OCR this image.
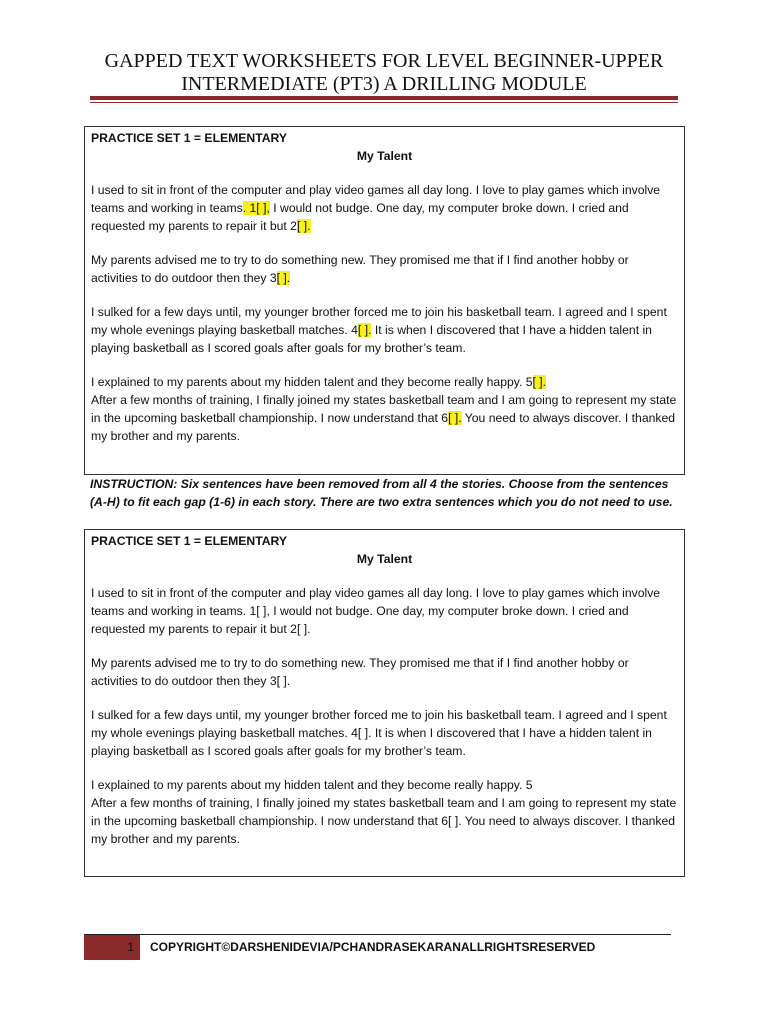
GAPPED TEXT WORKSHEETS FOR LEVEL BEGINNER-UPPER
INTERMEDIATE (PT3) A DRILLING MODULE
PRACTICE SET 1 = ELEMENTARY
My Talent

I used to sit in front of the computer and play video games all day long. I love to play games which involve teams and working in teams. 1[ ], I would not budge. One day, my computer broke down. I cried and requested my parents to repair it but 2[ ].

My parents advised me to try to do something new. They promised me that if I find another hobby or activities to do outdoor then they 3[ ].

I sulked for a few days until, my younger brother forced me to join his basketball team. I agreed and I spent my whole evenings playing basketball matches. 4[ ]. It is when I discovered that I have a hidden talent in playing basketball as I scored goals after goals for my brother’s team.

I explained to my parents about my hidden talent and they become really happy. 5[ ].
After a few months of training, I finally joined my states basketball team and I am going to represent my state in the upcoming basketball championship. I now understand that 6[ ]. You need to always discover. I thanked my brother and my parents.

INSTRUCTION: Six sentences have been removed from all 4 the stories. Choose from the sentences (A-H) to fit each gap (1-6) in each story. There are two extra sentences which you do not need to use.
PRACTICE SET 1 = ELEMENTARY
My Talent

I used to sit in front of the computer and play video games all day long. I love to play games which involve teams and working in teams. 1[ ], I would not budge. One day, my computer broke down. I cried and requested my parents to repair it but 2[ ].

My parents advised me to try to do something new. They promised me that if I find another hobby or activities to do outdoor then they 3[ ].

I sulked for a few days until, my younger brother forced me to join his basketball team. I agreed and I spent my whole evenings playing basketball matches. 4[ ]. It is when I discovered that I have a hidden talent in playing basketball as I scored goals after goals for my brother’s team.

I explained to my parents about my hidden talent and they become really happy. 5

After a few months of training, I finally joined my states basketball team and I am going to represent my state in the upcoming basketball championship. I now understand that 6[ ]. You need to always discover. I thanked my brother and my parents.

1	COPYRIGHT©DARSHENIDEVIA/PCHANDRASEKARANALLRIGHTSRESERVED
